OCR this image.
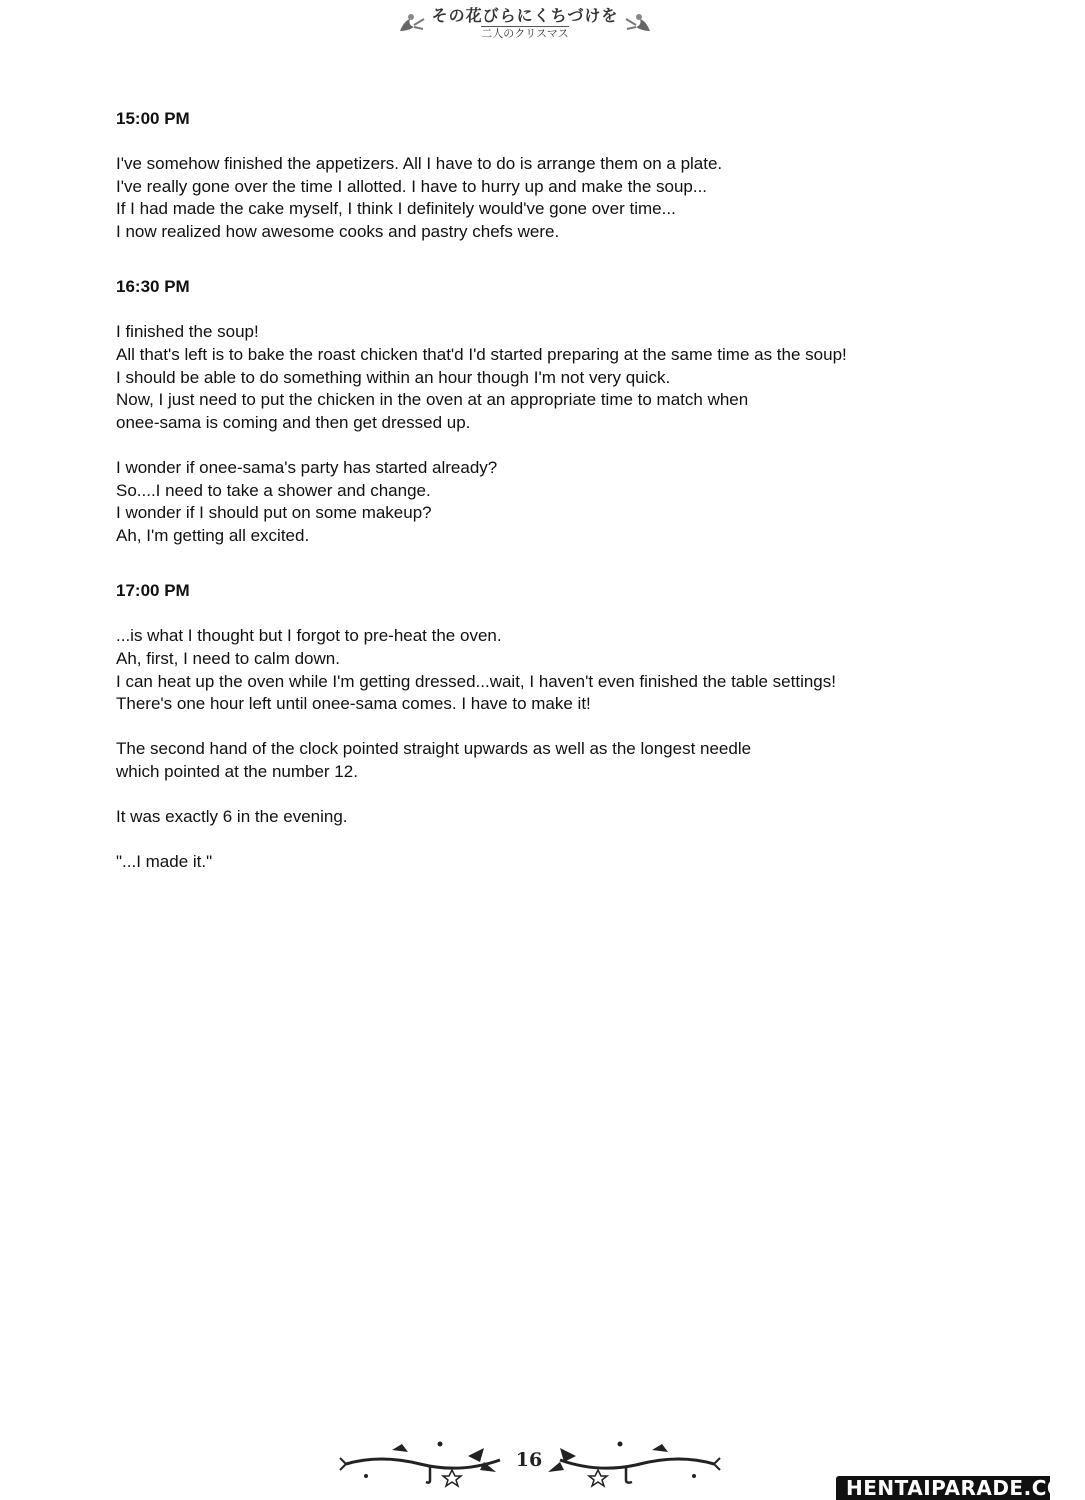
その花びらにくちづけを
二人のクリスマス
15:00 PM
I've somehow finished the appetizers. All I have to do is arrange them on a plate.
I've really gone over the time I allotted. I have to hurry up and make the soup...
If I had made the cake myself, I think I definitely would've gone over time...
I now realized how awesome cooks and pastry chefs were.
16:30 PM
I finished the soup!
All that's left is to bake the roast chicken that'd I'd started preparing at the same time as the soup!
I should be able to do something within an hour though I'm not very quick.
Now, I just need to put the chicken in the oven at an appropriate time to match when
onee-sama is coming and then get dressed up.
I wonder if onee-sama's party has started already?
So....I need to take a shower and change.
I wonder if I should put on some makeup?
Ah, I'm getting all excited.
17:00 PM
...is what I thought but I forgot to pre-heat the oven.
Ah, first, I need to calm down.
I can heat up the oven while I'm getting dressed...wait, I haven't even finished the table settings!
There's one hour left until onee-sama comes. I have to make it!
The second hand of the clock pointed straight upwards as well as the longest needle
which pointed at the number 12.
It was exactly 6 in the evening.
"...I made it."
16
HENTAIPARADE.COM
